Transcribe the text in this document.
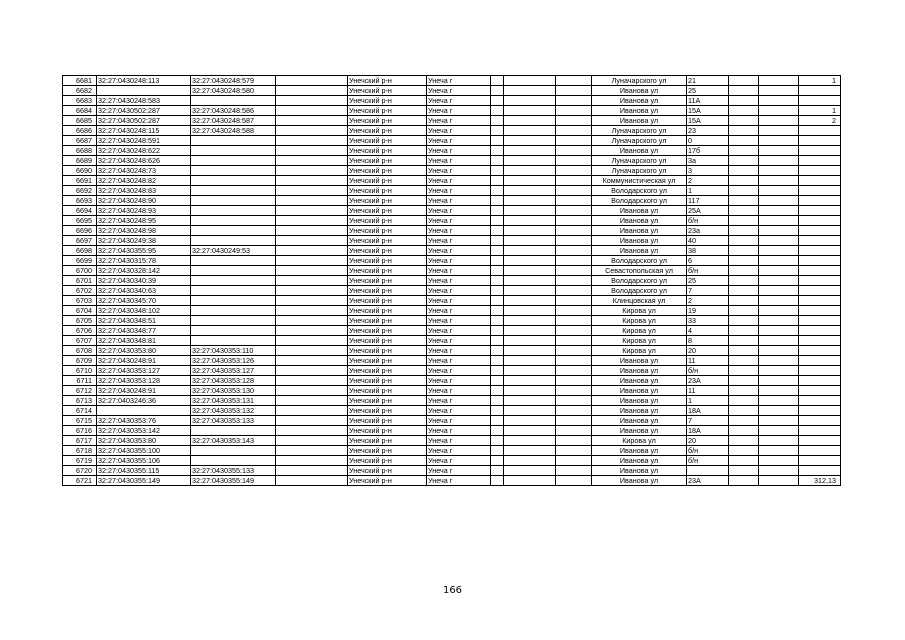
6681	32:27:0430248:113	32:27:0430248:579		Унечский р-н	Унеча г				Луначарского ул	21			1
6682		32:27:0430248:580		Унечский р-н	Унеча г				Иванова ул	25			
6683	32:27:0430248:583			Унечский р-н	Унеча г				Иванова ул	11А			
6684	32:27:0430502:287	32:27:0430248:586		Унечский р-н	Унеча г				Иванова ул	15А			1
6685	32:27:0430502:287	32:27:0430248:587		Унечский р-н	Унеча г				Иванова ул	15А			2
6686	32:27:0430248:115	32:27:0430248:588		Унечский р-н	Унеча г				Луначарского ул	23			
6687	32:27:0430248:591			Унечский р-н	Унеча г				Луначарского ул	0			
6688	32:27:0430248:622			Унечский р-н	Унеча г				Иванова ул	17б			
6689	32:27:0430248:626			Унечский р-н	Унеча г				Луначарского ул	3а			
6690	32:27:0430248:73			Унечский р-н	Унеча г				Луначарского ул	3			
6691	32:27:0430248:82			Унечский р-н	Унеча г				Коммунистическая ул	2			
6692	32:27:0430248:83			Унечский р-н	Унеча г				Володарского ул	1			
6693	32:27:0430248:90			Унечский р-н	Унеча г				Володарского ул	117			
6694	32:27:0430248:93			Унечский р-н	Унеча г				Иванова ул	25А			
6695	32:27:0430248:95			Унечский р-н	Унеча г				Иванова ул	б/н			
6696	32:27:0430248:98			Унечский р-н	Унеча г				Иванова ул	23а			
6697	32:27:0430249:38			Унечский р-н	Унеча г				Иванова ул	40			
6698	32:27:0430355:95	32:27:0430249:53		Унечский р-н	Унеча г				Иванова ул	38			
6699	32:27:0430315:78			Унечский р-н	Унеча г				Володарского ул	6			
6700	32:27:0430328:142			Унечский р-н	Унеча г				Севастопольская ул	б/н			
6701	32:27:0430340:39			Унечский р-н	Унеча г				Володарского ул	25			
6702	32:27:0430340:63			Унечский р-н	Унеча г				Володарского ул	7			
6703	32:27:0430345:70			Унечский р-н	Унеча г				Клинцовская ул	2			
6704	32:27:0430348:102			Унечский р-н	Унеча г				Кирова ул	19			
6705	32:27:0430348:51			Унечский р-н	Унеча г				Кирова ул	33			
6706	32:27:0430348:77			Унечский р-н	Унеча г				Кирова ул	4			
6707	32:27:0430348:81			Унечский р-н	Унеча г				Кирова ул	8			
6708	32:27:0430353:80	32:27:0430353:110		Унечский р-н	Унеча г				Кирова ул	20			
6709	32:27:0430248:91	32:27:0430353:126		Унечский р-н	Унеча г				Иванова ул	11			
6710	32:27:0430353:127	32:27:0430353:127		Унечский р-н	Унеча г				Иванова ул	б/н			
6711	32:27:0430353:128	32:27:0430353:128		Унечский р-н	Унеча г				Иванова ул	23А			
6712	32:27:0430248:91	32:27:0430353:130		Унечский р-н	Унеча г				Иванова ул	11			
6713	32:27:0403246:36	32:27:0430353:131		Унечский р-н	Унеча г				Иванова ул	1			
6714		32:27:0430353:132		Унечский р-н	Унеча г				Иванова ул	18А			
6715	32:27:0430353:76	32:27:0430353:133		Унечский р-н	Унеча г				Иванова ул	7			
6716	32:27:0430353:142			Унечский р-н	Унеча г				Иванова ул	18А			
6717	32:27:0430353:80	32:27:0430353:143		Унечский р-н	Унеча г				Кирова ул	20			
6718	32:27:0430355:100			Унечский р-н	Унеча г				Иванова ул	б/н			
6719	32:27:0430355:106			Унечский р-н	Унеча г				Иванова ул	б/н			
6720	32:27:0430355:115	32:27:0430355:133		Унечский р-н	Унеча г				Иванова ул				
6721	32:27:0430355:149	32:27:0430355:149		Унечский р-н	Унеча г				Иванова ул	23А			312,13
166
